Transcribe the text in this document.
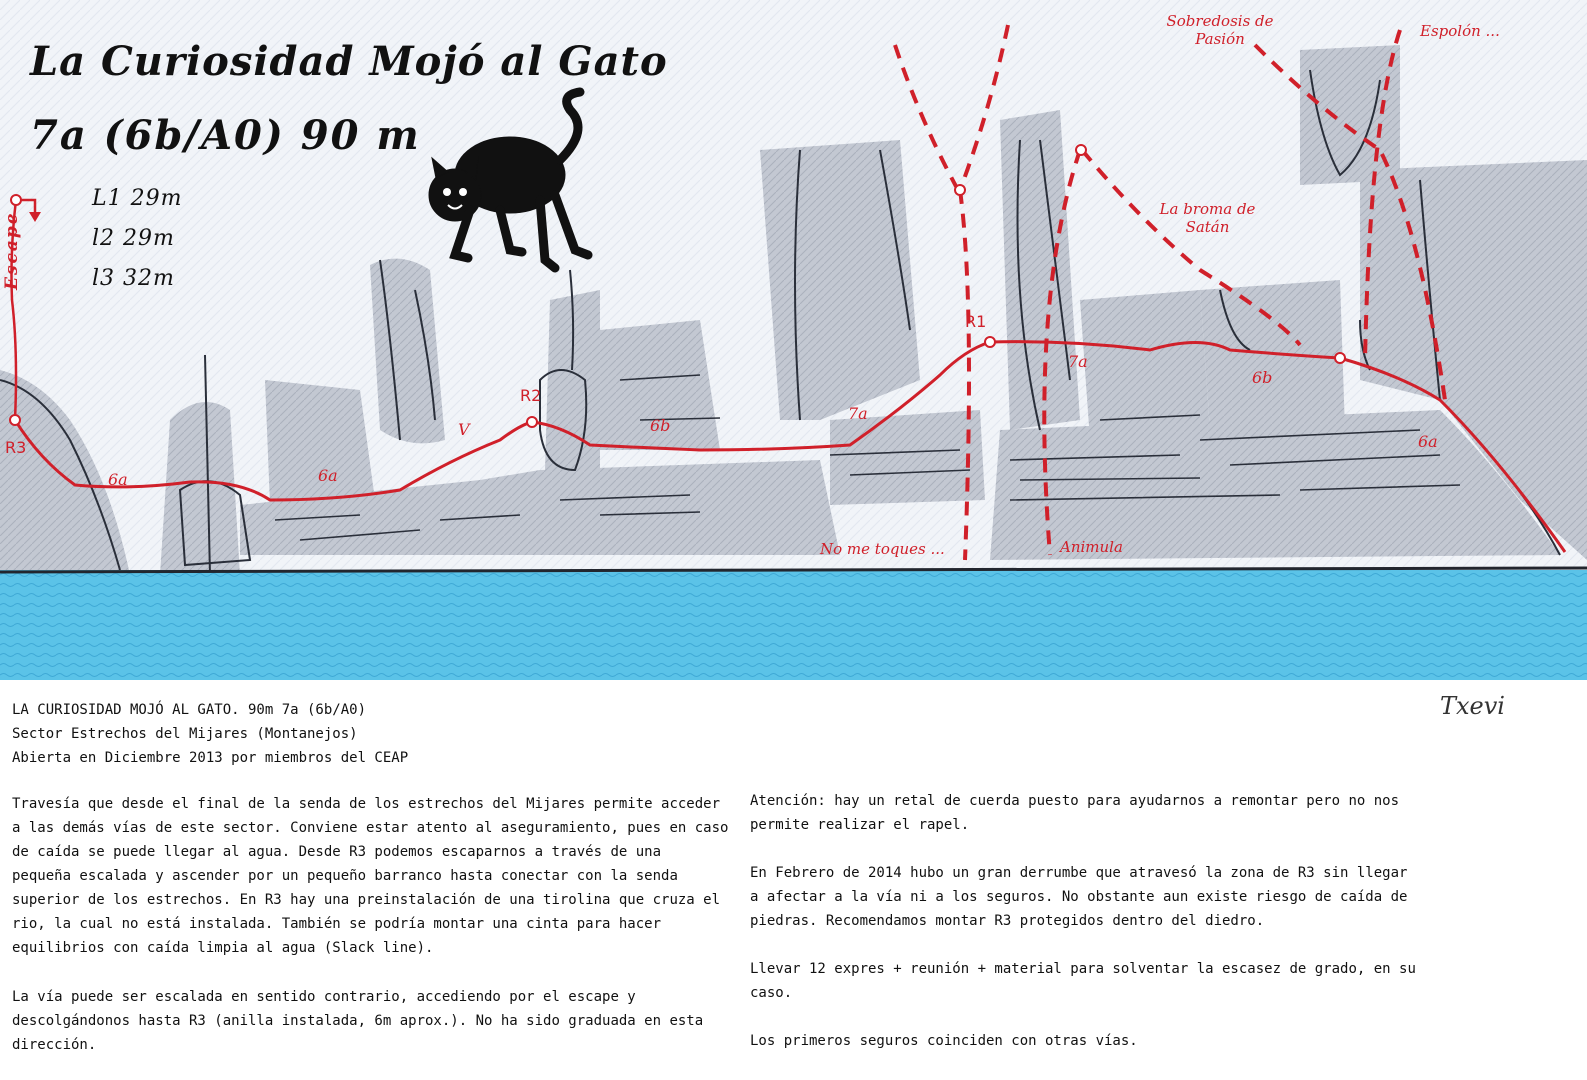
La Curiosidad Mojó al Gato
7a (6b/A0) 90 m
L1 29m
l2 29m
l3 32m
Escape
R1
R2
R3
6a	6a
V	6b
7a
7a
6b
6a
Sobredosis de Pasión	Espolón ...
La broma de Satán
No me toques ...	Animula
Txevi
LA CURIOSIDAD MOJÓ AL GATO. 90m 7a (6b/A0)
Sector Estrechos del Mijares (Montanejos)
Abierta en Diciembre 2013 por miembros del CEAP
Travesía que desde el final de la senda de los estrechos del Mijares permite acceder
a las demás vías de este sector. Conviene estar atento al aseguramiento, pues en caso
de caída se puede llegar al agua. Desde R3 podemos escaparnos a través de una
pequeña escalada y ascender por un pequeño barranco hasta conectar con la senda
superior de los estrechos. En R3 hay una preinstalación de una tirolina que cruza el
rio, la cual no está instalada. También se podría montar una cinta para hacer
equilibrios con caída limpia al agua (Slack line).
La vía puede ser escalada en sentido contrario, accediendo por el escape y
descolgándonos hasta R3 (anilla instalada, 6m aprox.). No ha sido graduada en esta
dirección.
Atención: hay un retal de cuerda puesto para ayudarnos a remontar pero no nos
permite realizar el rapel.
En Febrero de 2014 hubo un gran derrumbe que atravesó la zona de R3 sin llegar
a afectar a la vía ni a los seguros. No obstante aun existe riesgo de caída de
piedras. Recomendamos montar R3 protegidos dentro del diedro.
Llevar 12 expres + reunión + material para solventar la escasez de grado, en su
caso.
Los primeros seguros coinciden con otras vías.
